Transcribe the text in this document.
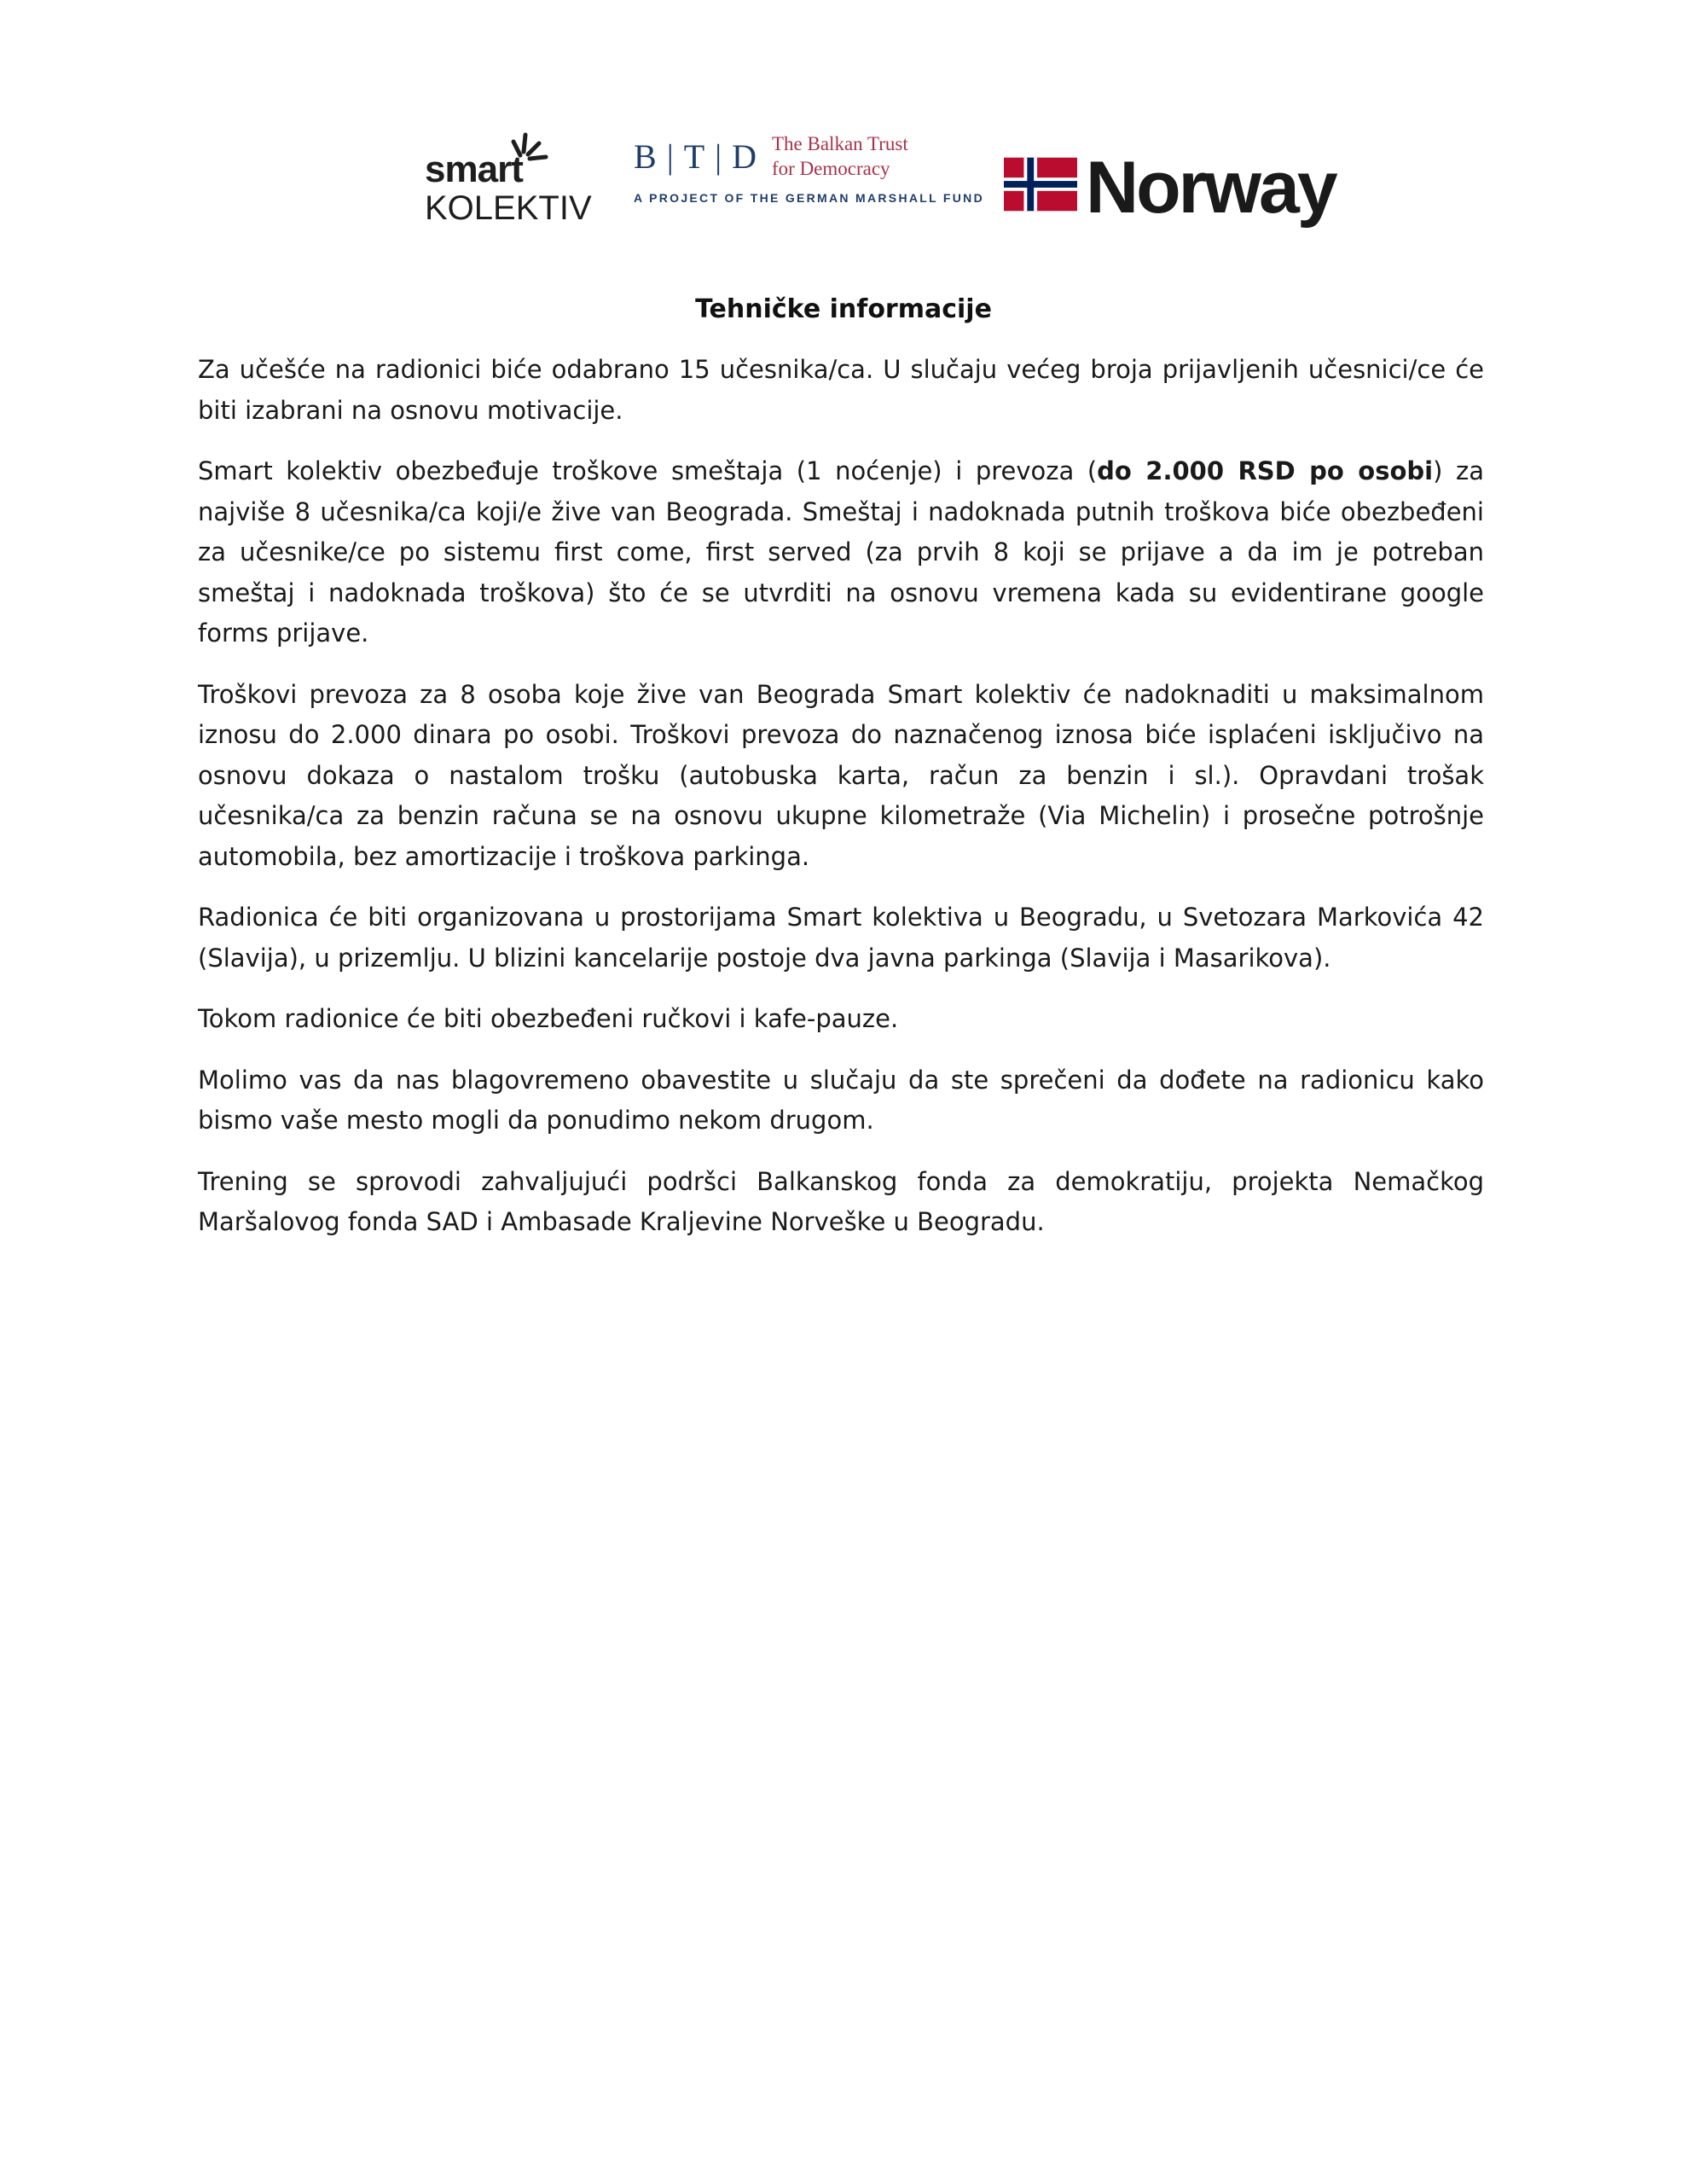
smart
KOLEKTIV
B | T | D The Balkan Trust
for Democracy
A PROJECT OF THE GERMAN MARSHALL FUND Norway
Tehničke informacije

Za učešće na radionici biće odabrano 15 učesnika/ca. U slučaju većeg broja prijavljenih učesnici/ce će biti izabrani na osnovu motivacije.

Smart kolektiv obezbeđuje troškove smeštaja (1 noćenje) i prevoza (do 2.000 RSD po osobi) za najviše 8 učesnika/ca koji/e žive van Beograda. Smeštaj i nadoknada putnih troškova biće obezbeđeni za učesnike/ce po sistemu first come, first served (za prvih 8 koji se prijave a da im je potreban smeštaj i nadoknada troškova) što će se utvrditi na osnovu vremena kada su evidentirane google forms prijave.

Troškovi prevoza za 8 osoba koje žive van Beograda Smart kolektiv će nadoknaditi u maksimalnom iznosu do 2.000 dinara po osobi. Troškovi prevoza do naznačenog iznosa biće isplaćeni isključivo na osnovu dokaza o nastalom trošku (autobuska karta, račun za benzin i sl.). Opravdani trošak učesnika/ca za benzin računa se na osnovu ukupne kilometraže (Via Michelin) i prosečne potrošnje automobila, bez amortizacije i troškova parkinga.

Radionica će biti organizovana u prostorijama Smart kolektiva u Beogradu, u Svetozara Markovića 42 (Slavija), u prizemlju. U blizini kancelarije postoje dva javna parkinga (Slavija i Masarikova).

Tokom radionice će biti obezbeđeni ručkovi i kafe-pauze.

Molimo vas da nas blagovremeno obavestite u slučaju da ste sprečeni da dođete na radionicu kako bismo vaše mesto mogli da ponudimo nekom drugom.

Trening se sprovodi zahvaljujući podršci Balkanskog fonda za demokratiju, projekta Nemačkog Maršalovog fonda SAD i Ambasade Kraljevine Norveške u Beogradu.
